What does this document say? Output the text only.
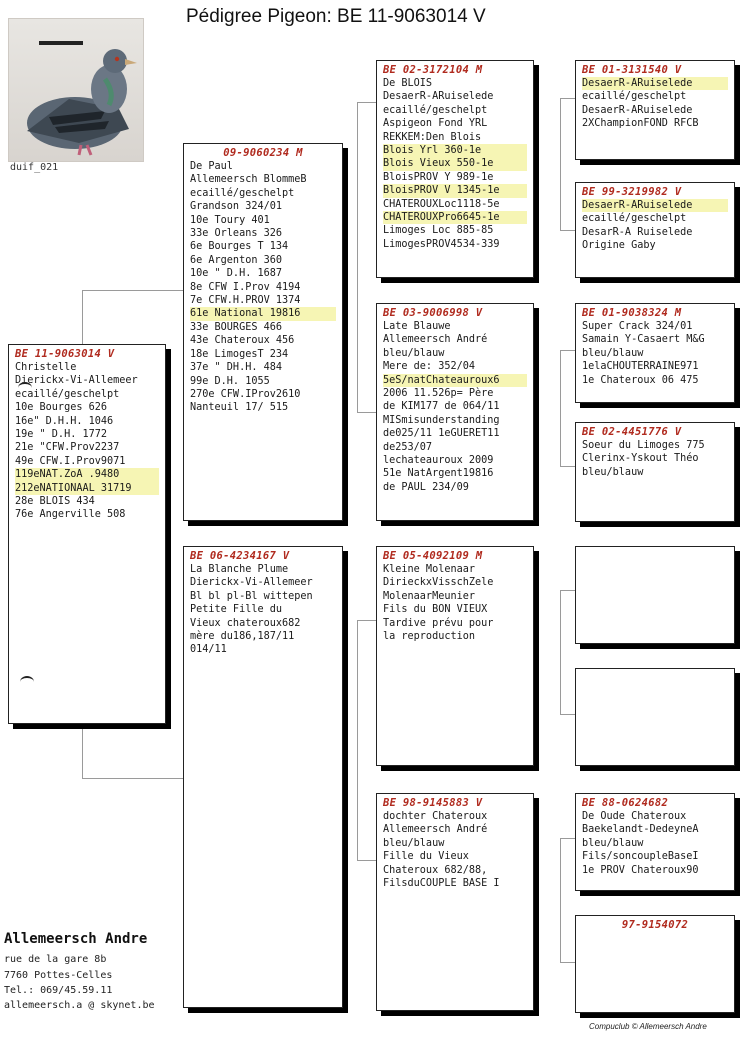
Pédigree Pigeon: BE 11-9063014 V
duif_021
BE 11-9063014 V
Christelle
Dierickx-Vi-Allemeer
ecaillé/geschelpt
10e Bourges 626
16e" D.H.H. 1046
19e " D.H. 1772
21e "CFW.Prov2237
49e CFW.I.Prov9071
119eNAT.ZoA .9480
212eNATIONAAL 31719
28e BLOIS 434
76e Angerville 508
09-9060234 M
De Paul
Allemeersch BlommeB
ecaillé/geschelpt
Grandson 324/01
10e Toury 401
33e Orleans 326
6e Bourges T 134
6e Argenton 360
10e " D.H. 1687
8e CFW I.Prov 4194
7e CFW.H.PROV 1374
61e National 19816
33e BOURGES 466
43e Chateroux 456
18e LimogesT 234
37e " DH.H. 484
99e D.H. 1055
270e CFW.IProv2610
Nanteuil 17/ 515
BE 06-4234167 V
La Blanche Plume
Dierickx-Vi-Allemeer
Bl bl pl-Bl wittepen
Petite Fille du
Vieux chateroux682
mère du186,187/11
014/11
BE 02-3172104 M
De BLOIS
DesaerR-ARuiselede
ecaillé/geschelpt
Aspigeon Fond YRL
REKKEM:Den Blois
Blois Yrl 360-1e
Blois Vieux 550-1e
BloisPROV Y 989-1e
BloisPROV V 1345-1e
CHATEROUXLoc1118-5e
CHATEROUXPro6645-1e
Limoges Loc 885-85
LimogesPROV4534-339
BE 03-9006998 V
Late Blauwe
Allemeersch André
bleu/blauw
Mere de: 352/04
5eS/natChateauroux6
2006 11.526p= Père
de KIM177 de 064/11
MISmisunderstanding
de025/11 1eGUERET11
de253/07
lechateauroux 2009
51e NatArgent19816
de PAUL 234/09
BE 05-4092109 M
Kleine Molenaar
DirieckxVisschZele
MolenaarMeunier
Fils du BON VIEUX
Tardive prévu pour
la reproduction
BE 98-9145883 V
dochter Chateroux
Allemeersch André
bleu/blauw
Fille du Vieux
Chateroux 682/88,
FilsduCOUPLE BASE I
BE 01-3131540 V
DesaerR-ARuiselede
ecaillé/geschelpt
DesaerR-ARuiselede
2XChampionFOND RFCB
BE 99-3219982 V
DesaerR-ARuiselede
ecaillé/geschelpt
DesarR-A Ruiselede
Origine Gaby
BE 01-9038324 M
Super Crack 324/01
Samain Y-Casaert M&G
bleu/blauw
1elaCHOUTERRAINE971
1e Chateroux 06 475
BE 02-4451776 V
Soeur du Limoges 775
Clerinx-Yskout Théo
bleu/blauw
BE 88-0624682
De Oude Chateroux
Baekelandt-DedeyneA
bleu/blauw
Fils/soncoupleBaseI
1e PROV Chateroux90
97-9154072
Allemeersch Andre
rue de la gare 8b
7760 Pottes-Celles
Tel.: 069/45.59.11
allemeersch.a @ skynet.be
Compuclub © Allemeersch Andre
